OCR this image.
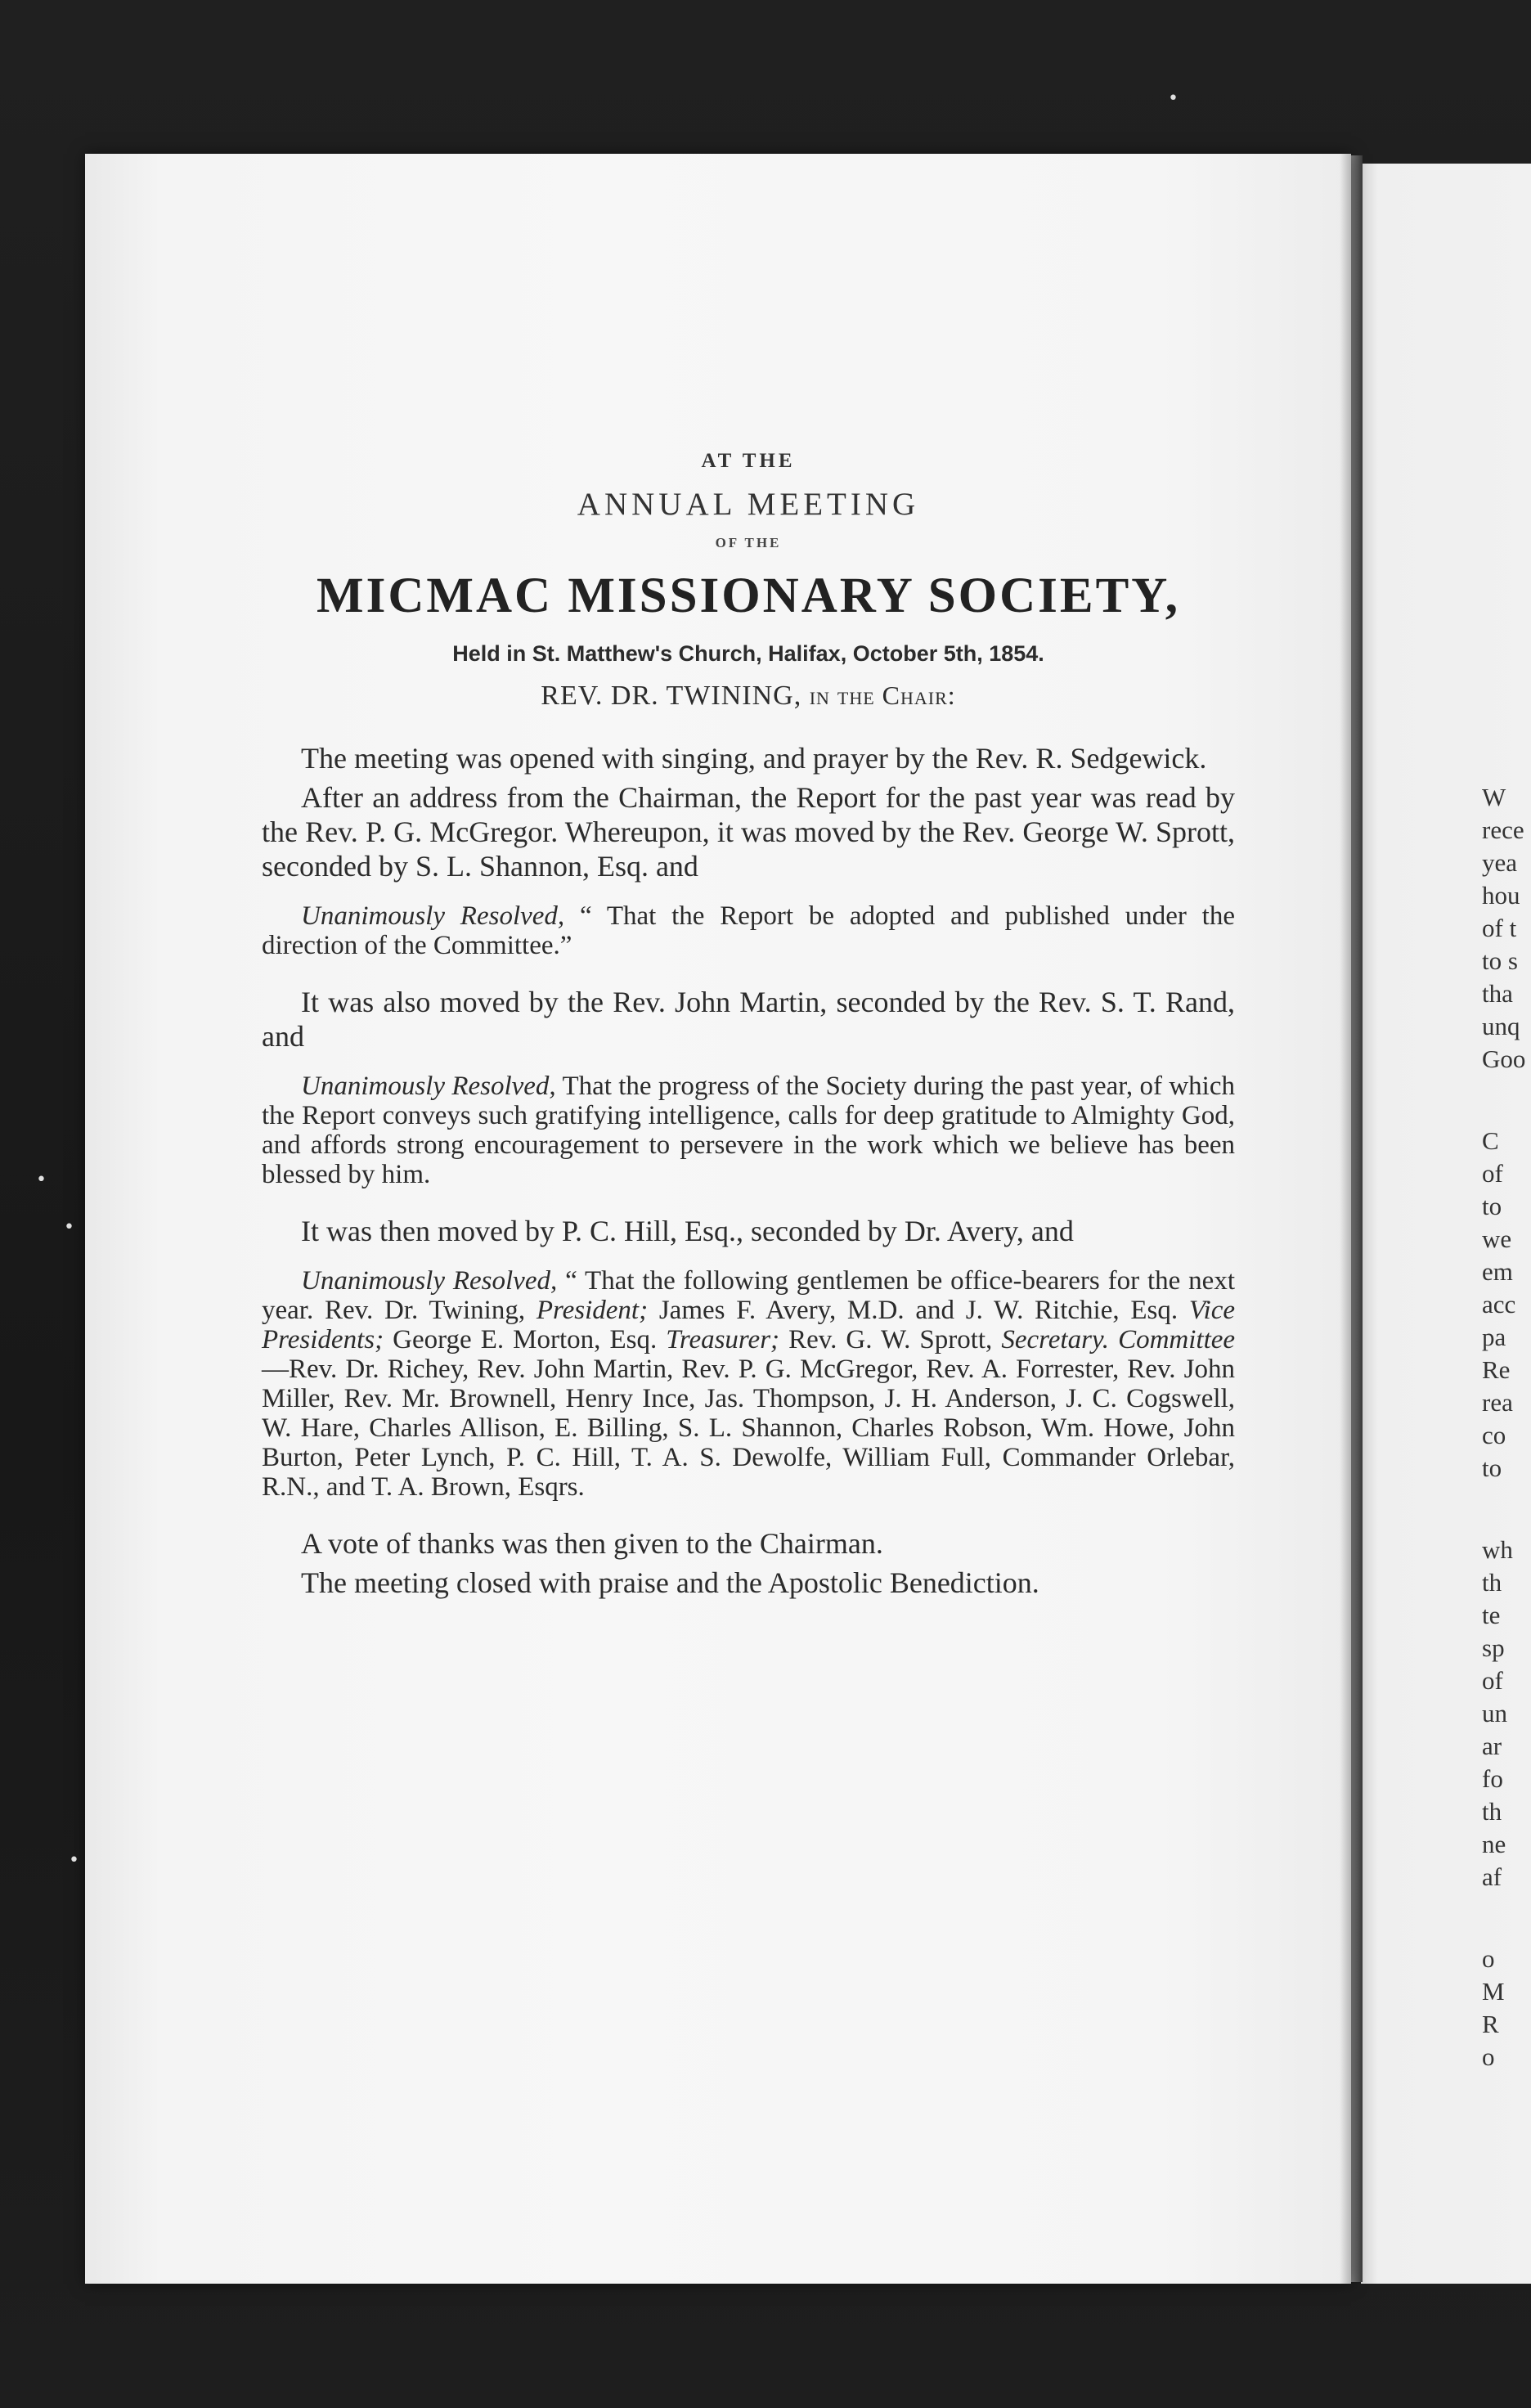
W
rece
yea
hou
of t
to s
tha
unq
Goo
C
of
to
we
em
acc
pa
Re
rea
co
to
wh
th
te
sp
of
un
ar
fo
th
ne
af
o
M
R
o
AT THE
ANNUAL MEETING
OF THE
MICMAC MISSIONARY SOCIETY,
Held in St. Matthew's Church, Halifax, October 5th, 1854.
REV. DR. TWINING, in the Chair:

The meeting was opened with singing, and prayer by the Rev. R. Sedgewick.

After an address from the Chairman, the Report for the past year was read by the Rev. P. G. McGregor. Whereupon, it was moved by the Rev. George W. Sprott, seconded by S. L. Shannon, Esq. and

Unanimously Resolved, “ That the Report be adopted and published under the direction of the Committee.”

It was also moved by the Rev. John Martin, seconded by the Rev. S. T. Rand, and

Unanimously Resolved, That the progress of the Society during the past year, of which the Report conveys such gratifying intelligence, calls for deep gratitude to Almighty God, and affords strong encouragement to persevere in the work which we believe has been blessed by him.

It was then moved by P. C. Hill, Esq., seconded by Dr. Avery, and

Unanimously Resolved, “ That the following gentlemen be office-bearers for the next year. Rev. Dr. Twining, President; James F. Avery, M.D. and J. W. Ritchie, Esq. Vice Presidents; George E. Morton, Esq. Treasurer; Rev. G. W. Sprott, Secretary. Committee—Rev. Dr. Richey, Rev. John Martin, Rev. P. G. McGregor, Rev. A. Forrester, Rev. John Miller, Rev. Mr. Brownell, Henry Ince, Jas. Thompson, J. H. Anderson, J. C. Cogswell, W. Hare, Charles Allison, E. Billing, S. L. Shannon, Charles Robson, Wm. Howe, John Burton, Peter Lynch, P. C. Hill, T. A. S. Dewolfe, William Full, Commander Orlebar, R.N., and T. A. Brown, Esqrs.

A vote of thanks was then given to the Chairman.

The meeting closed with praise and the Apostolic Benediction.

•
•
•
•
